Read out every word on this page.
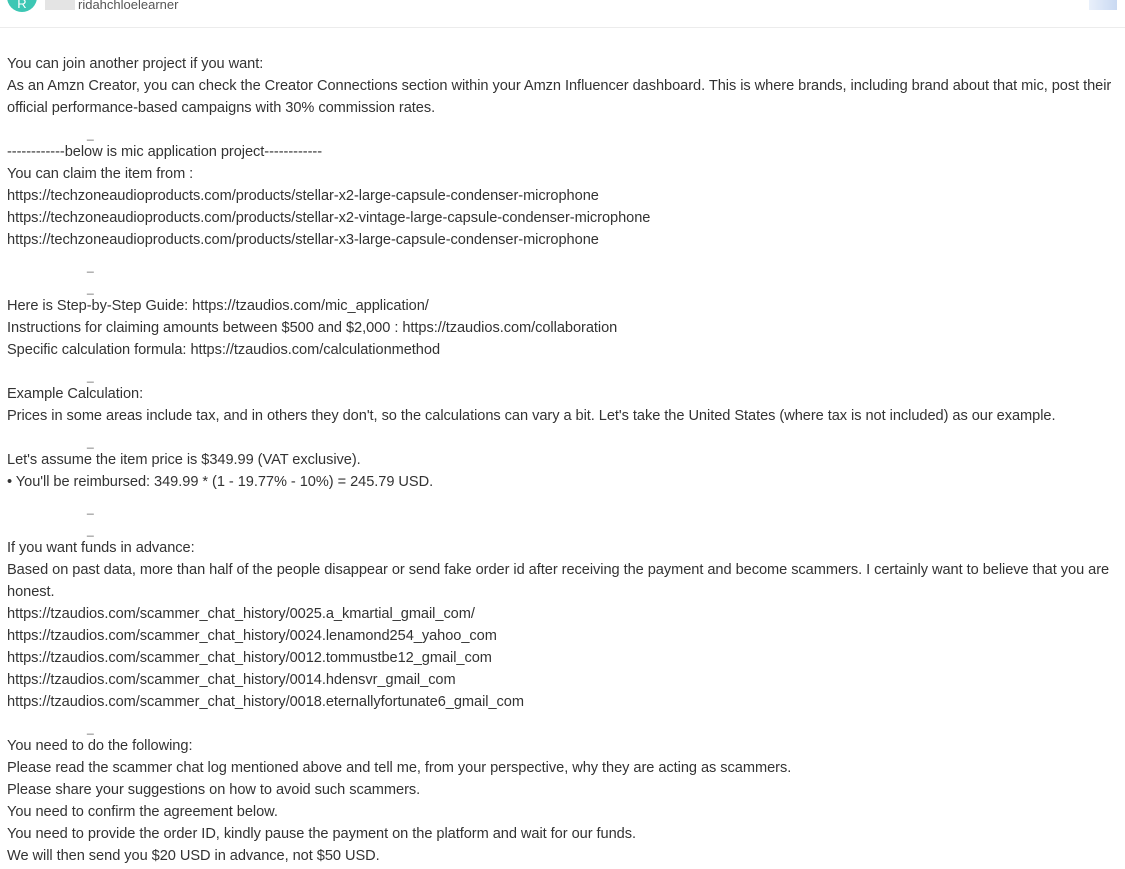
R	ridahchloelearner
You can join another project if you want:
As an Amzn Creator, you can check the Creator Connections section within your Amzn Influencer dashboard. This is where brands, including brand about that mic, post their official performance-based campaigns with 30% commission rates.
_
------------below is mic application project------------
You can claim the item from :
https://techzoneaudioproducts.com/products/stellar-x2-large-capsule-condenser-microphone
https://techzoneaudioproducts.com/products/stellar-x2-vintage-large-capsule-condenser-microphone
https://techzoneaudioproducts.com/products/stellar-x3-large-capsule-condenser-microphone
_
_
Here is Step-by-Step Guide: https://tzaudios.com/mic_application/
Instructions for claiming amounts between $500 and $2,000 : https://tzaudios.com/collaboration
Specific calculation formula: https://tzaudios.com/calculationmethod
_
Example Calculation:
Prices in some areas include tax, and in others they don't, so the calculations can vary a bit. Let's take the United States (where tax is not included) as our example.
_
Let's assume the item price is $349.99 (VAT exclusive).
• You'll be reimbursed: 349.99 * (1 - 19.77% - 10%) = 245.79 USD.
_
_
If you want funds in advance:
Based on past data, more than half of the people disappear or send fake order id after receiving the payment and become scammers. I certainly want to believe that you are honest.
https://tzaudios.com/scammer_chat_history/0025.a_kmartial_gmail_com/
https://tzaudios.com/scammer_chat_history/0024.lenamond254_yahoo_com
https://tzaudios.com/scammer_chat_history/0012.tommustbe12_gmail_com
https://tzaudios.com/scammer_chat_history/0014.hdensvr_gmail_com
https://tzaudios.com/scammer_chat_history/0018.eternallyfortunate6_gmail_com
_
You need to do the following:
Please read the scammer chat log mentioned above and tell me, from your perspective, why they are acting as scammers.
Please share your suggestions on how to avoid such scammers.
You need to confirm the agreement below.
You need to provide the order ID, kindly pause the payment on the platform and wait for our funds.
We will then send you $20 USD in advance, not $50 USD.
